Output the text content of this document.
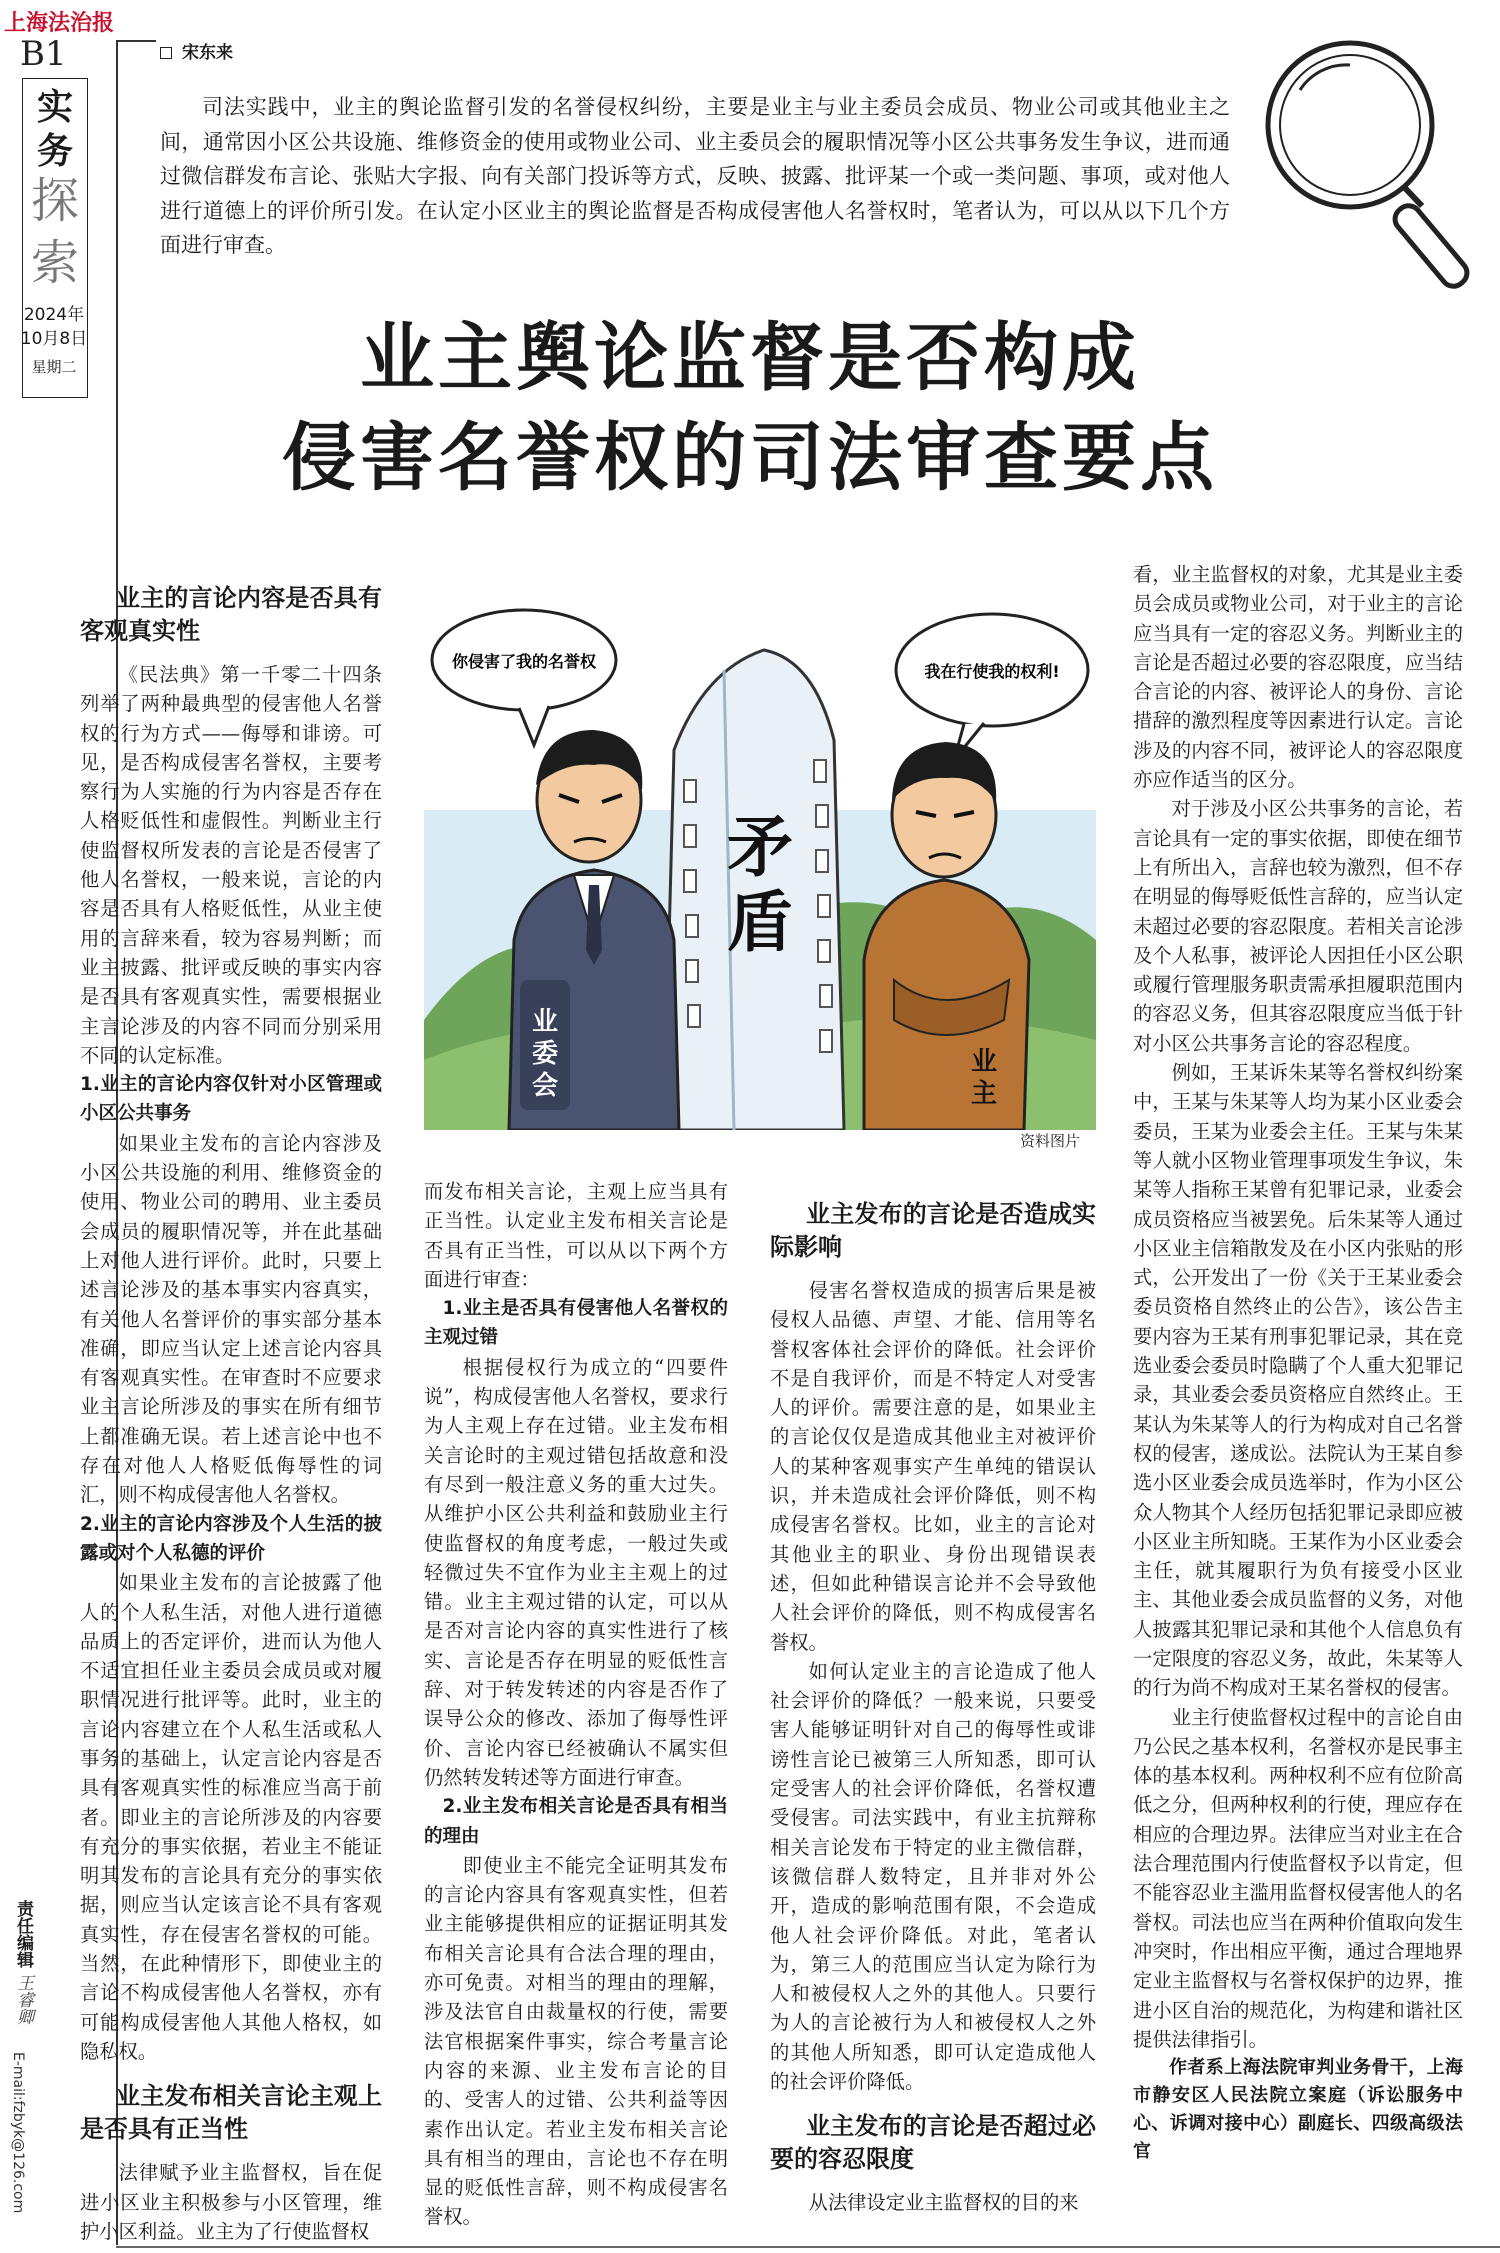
上海法治报
B1
实务
探索
2024年
10月8日
星期二
责任编辑 王睿卿
E-mail:fzbyk@126.com
宋东来
司法实践中，业主的舆论监督引发的名誉侵权纠纷，主要是业主与业主委员会成员、物业公司或其他业主之间，通常因小区公共设施、维修资金的使用或物业公司、业主委员会的履职情况等小区公共事务发生争议，进而通过微信群发布言论、张贴大字报、向有关部门投诉等方式，反映、披露、批评某一个或一类问题、事项，或对他人进行道德上的评价所引发。在认定小区业主的舆论监督是否构成侵害他人名誉权时，笔者认为，可以从以下几个方面进行审查。
业主舆论监督是否构成
侵害名誉权的司法审查要点
矛
盾
你侵害了我的名誉权
我在行使我的权利!
业
委
会
业
主
资料图片
业主的言论内容是否具有客观真实性

《民法典》第一千零二十四条列举了两种最典型的侵害他人名誉权的行为方式——侮辱和诽谤。可见，是否构成侵害名誉权，主要考察行为人实施的行为内容是否存在人格贬低性和虚假性。判断业主行使监督权所发表的言论是否侵害了他人名誉权，一般来说，言论的内容是否具有人格贬低性，从业主使用的言辞来看，较为容易判断；而业主披露、批评或反映的事实内容是否具有客观真实性，需要根据业主言论涉及的内容不同而分别采用不同的认定标准。

1.业主的言论内容仅针对小区管理或小区公共事务

如果业主发布的言论内容涉及小区公共设施的利用、维修资金的使用、物业公司的聘用、业主委员会成员的履职情况等，并在此基础上对他人进行评价。此时，只要上述言论涉及的基本事实内容真实，有关他人名誉评价的事实部分基本准确，即应当认定上述言论内容具有客观真实性。在审查时不应要求业主言论所涉及的事实在所有细节上都准确无误。若上述言论中也不存在对他人人格贬低侮辱性的词汇，则不构成侵害他人名誉权。

2.业主的言论内容涉及个人生活的披露或对个人私德的评价

如果业主发布的言论披露了他人的个人私生活，对他人进行道德品质上的否定评价，进而认为他人不适宜担任业主委员会成员或对履职情况进行批评等。此时，业主的言论内容建立在个人私生活或私人事务的基础上，认定言论内容是否具有客观真实性的标准应当高于前者。即业主的言论所涉及的内容要有充分的事实依据，若业主不能证明其发布的言论具有充分的事实依据，则应当认定该言论不具有客观真实性，存在侵害名誉权的可能。当然，在此种情形下，即使业主的言论不构成侵害他人名誉权，亦有可能构成侵害他人其他人格权，如隐私权。

业主发布相关言论主观上是否具有正当性

法律赋予业主监督权，旨在促进小区业主积极参与小区管理，维护小区利益。业主为了行使监督权

而发布相关言论，主观上应当具有正当性。认定业主发布相关言论是否具有正当性，可以从以下两个方面进行审查：

1.业主是否具有侵害他人名誉权的主观过错

根据侵权行为成立的“四要件说”，构成侵害他人名誉权，要求行为人主观上存在过错。业主发布相关言论时的主观过错包括故意和没有尽到一般注意义务的重大过失。从维护小区公共利益和鼓励业主行使监督权的角度考虑，一般过失或轻微过失不宜作为业主主观上的过错。业主主观过错的认定，可以从是否对言论内容的真实性进行了核实、言论是否存在明显的贬低性言辞、对于转发转述的内容是否作了误导公众的修改、添加了侮辱性评价、言论内容已经被确认不属实但仍然转发转述等方面进行审查。

2.业主发布相关言论是否具有相当的理由

即使业主不能完全证明其发布的言论内容具有客观真实性，但若业主能够提供相应的证据证明其发布相关言论具有合法合理的理由，亦可免责。对相当的理由的理解，涉及法官自由裁量权的行使，需要法官根据案件事实，综合考量言论内容的来源、业主发布言论的目的、受害人的过错、公共利益等因素作出认定。若业主发布相关言论具有相当的理由，言论也不存在明显的贬低性言辞，则不构成侵害名誉权。

业主发布的言论是否造成实际影响

侵害名誉权造成的损害后果是被侵权人品德、声望、才能、信用等名誉权客体社会评价的降低。社会评价不是自我评价，而是不特定人对受害人的评价。需要注意的是，如果业主的言论仅仅是造成其他业主对被评价人的某种客观事实产生单纯的错误认识，并未造成社会评价降低，则不构成侵害名誉权。比如，业主的言论对其他业主的职业、身份出现错误表述，但如此种错误言论并不会导致他人社会评价的降低，则不构成侵害名誉权。

如何认定业主的言论造成了他人社会评价的降低？一般来说，只要受害人能够证明针对自己的侮辱性或诽谤性言论已被第三人所知悉，即可认定受害人的社会评价降低，名誉权遭受侵害。司法实践中，有业主抗辩称相关言论发布于特定的业主微信群，该微信群人数特定，且并非对外公开，造成的影响范围有限，不会造成他人社会评价降低。对此，笔者认为，第三人的范围应当认定为除行为人和被侵权人之外的其他人。只要行为人的言论被行为人和被侵权人之外的其他人所知悉，即可认定造成他人的社会评价降低。

业主发布的言论是否超过必要的容忍限度

从法律设定业主监督权的目的来

看，业主监督权的对象，尤其是业主委员会成员或物业公司，对于业主的言论应当具有一定的容忍义务。判断业主的言论是否超过必要的容忍限度，应当结合言论的内容、被评论人的身份、言论措辞的激烈程度等因素进行认定。言论涉及的内容不同，被评论人的容忍限度亦应作适当的区分。

对于涉及小区公共事务的言论，若言论具有一定的事实依据，即使在细节上有所出入，言辞也较为激烈，但不存在明显的侮辱贬低性言辞的，应当认定未超过必要的容忍限度。若相关言论涉及个人私事，被评论人因担任小区公职或履行管理服务职责需承担履职范围内的容忍义务，但其容忍限度应当低于针对小区公共事务言论的容忍程度。

例如，王某诉朱某等名誉权纠纷案中，王某与朱某等人均为某小区业委会委员，王某为业委会主任。王某与朱某等人就小区物业管理事项发生争议，朱某等人指称王某曾有犯罪记录，业委会成员资格应当被罢免。后朱某等人通过小区业主信箱散发及在小区内张贴的形式，公开发出了一份《关于王某业委会委员资格自然终止的公告》，该公告主要内容为王某有刑事犯罪记录，其在竞选业委会委员时隐瞒了个人重大犯罪记录，其业委会委员资格应自然终止。王某认为朱某等人的行为构成对自己名誉权的侵害，遂成讼。法院认为王某自参选小区业委会成员选举时，作为小区公众人物其个人经历包括犯罪记录即应被小区业主所知晓。王某作为小区业委会主任，就其履职行为负有接受小区业主、其他业委会成员监督的义务，对他人披露其犯罪记录和其他个人信息负有一定限度的容忍义务，故此，朱某等人的行为尚不构成对王某名誉权的侵害。

业主行使监督权过程中的言论自由乃公民之基本权利，名誉权亦是民事主体的基本权利。两种权利不应有位阶高低之分，但两种权利的行使，理应存在相应的合理边界。法律应当对业主在合法合理范围内行使监督权予以肯定，但不能容忍业主滥用监督权侵害他人的名誉权。司法也应当在两种价值取向发生冲突时，作出相应平衡，通过合理地界定业主监督权与名誉权保护的边界，推进小区自治的规范化，为构建和谐社区提供法律指引。

作者系上海法院审判业务骨干，上海市静安区人民法院立案庭（诉讼服务中心、诉调对接中心）副庭长、四级高级法官
